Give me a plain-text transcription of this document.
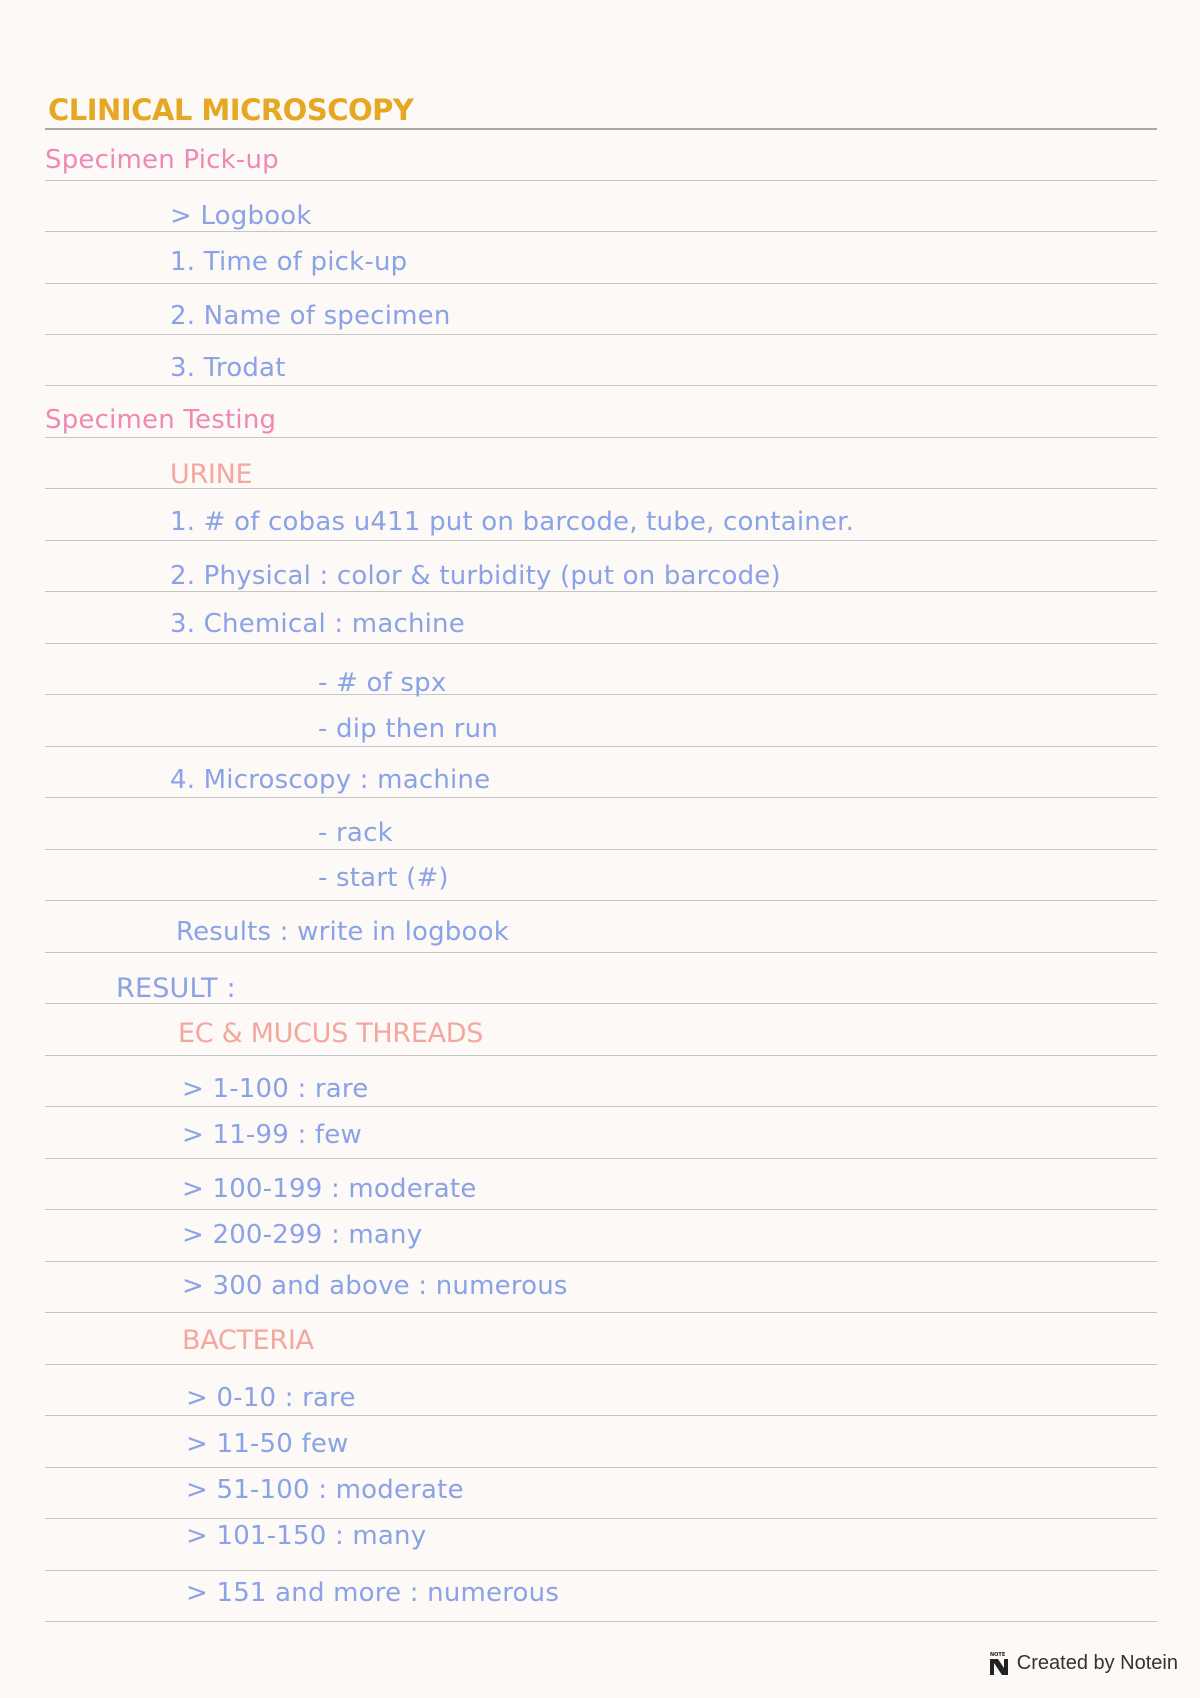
CLINICAL MICROSCOPY
Specimen Pick-up
> Logbook
1. Time of pick-up
2. Name of specimen
3. Trodat
Specimen Testing
URINE
1. # of cobas u411 put on barcode, tube, container.
2. Physical : color & turbidity (put on barcode)
3. Chemical : machine
- # of spx
- dip then run
4. Microscopy : machine
- rack
- start (#)
Results : write in logbook
RESULT :
EC & MUCUS THREADS
> 1-100 : rare
> 11-99 : few
> 100-199 : moderate
> 200-299 : many
> 300 and above : numerous
BACTERIA
> 0-10 : rare
> 11-50 few
> 51-100 : moderate
> 101-150 : many
> 151 and more : numerous
NOTE Created by Notein
